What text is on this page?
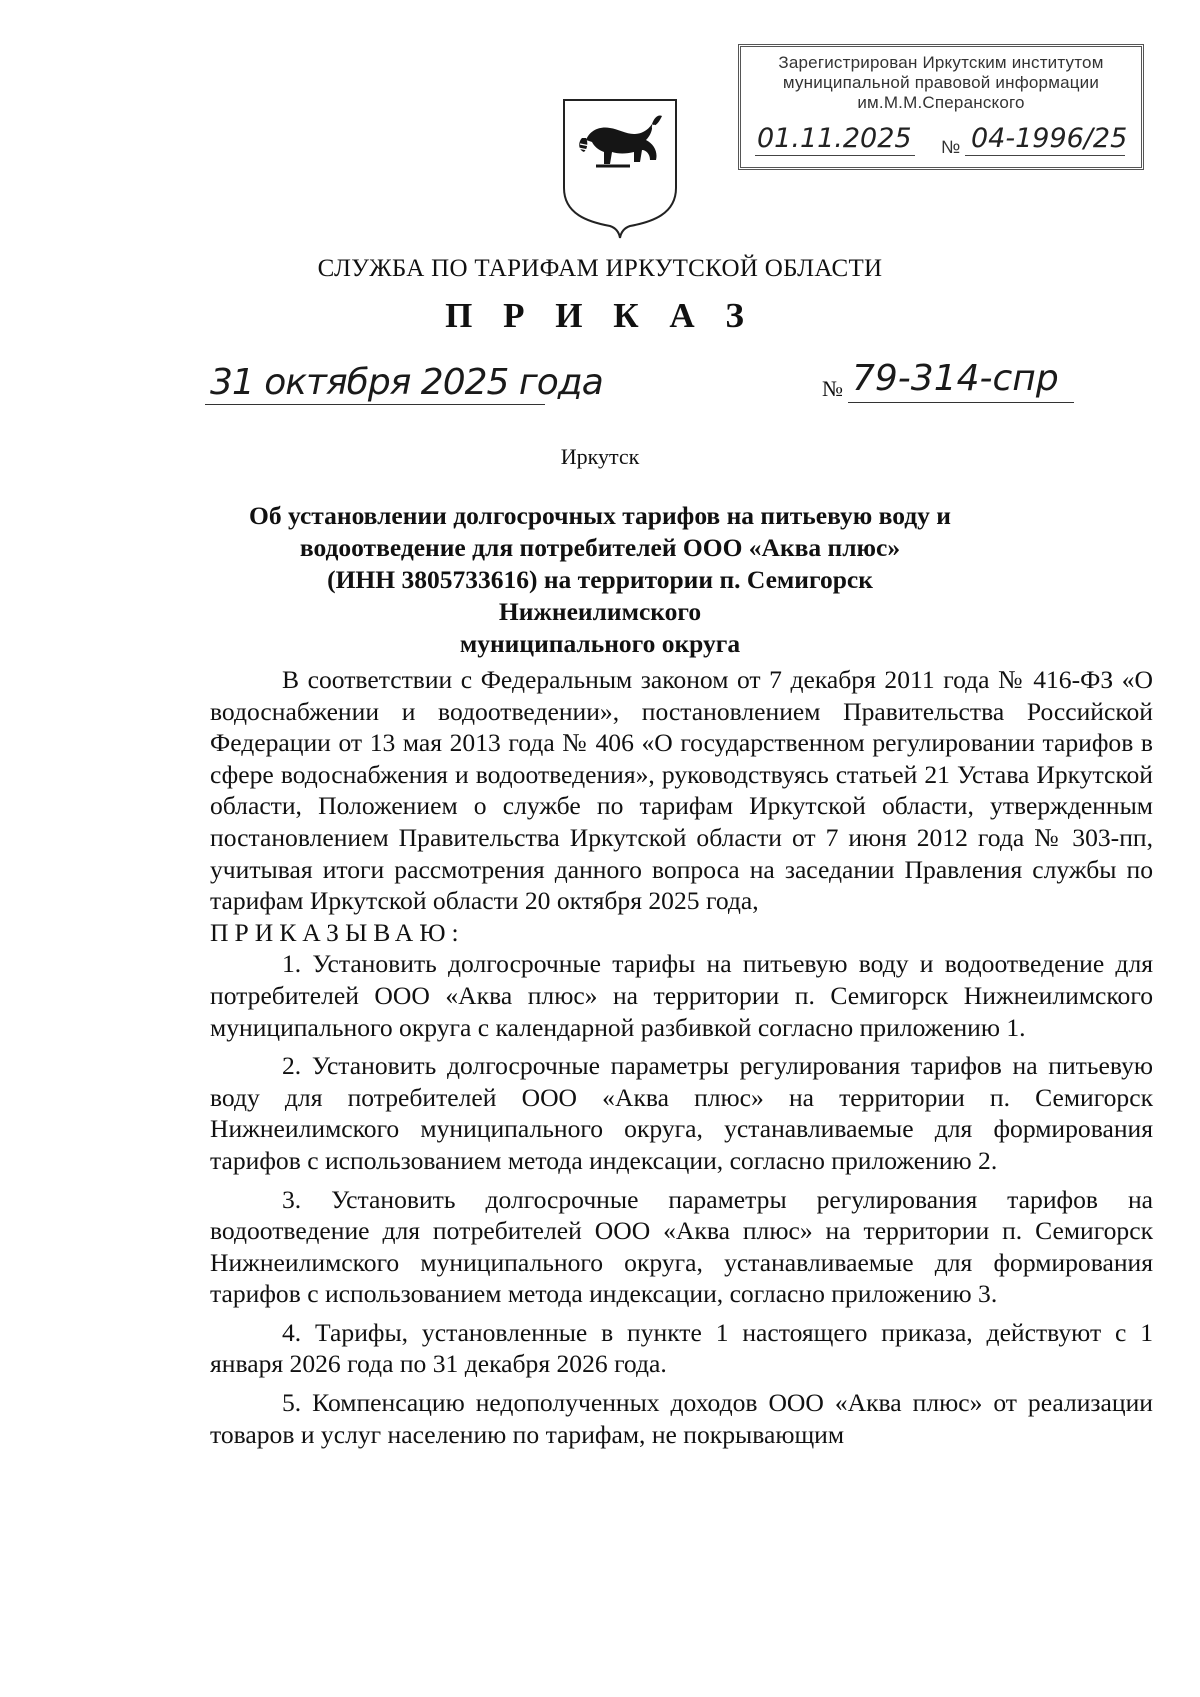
Зарегистрирован Иркутским институтом
муниципальной правовой информации
им.М.М.Сперанского
01.11.2025 № 04-1996/25
СЛУЖБА ПО ТАРИФАМ ИРКУТСКОЙ ОБЛАСТИ
П Р И К А З
31 октября 2025 года	№ 79-314-спр
Иркутск
Об установлении долгосрочных тарифов на питьевую воду и
водоотведение для потребителей ООО «Аква плюс»
(ИНН 3805733616) на территории п. Семигорск Нижнеилимского
муниципального округа

В соответствии с Федеральным законом от 7 декабря 2011 года № 416-ФЗ «О водоснабжении и водоотведении», постановлением Правительства Российской Федерации от 13 мая 2013 года № 406 «О государственном регулировании тарифов в сфере водоснабжения и водоотведения», руководствуясь статьей 21 Устава Иркутской области, Положением о службе по тарифам Иркутской области, утвержденным постановлением Правительства Иркутской области от 7 июня 2012 года № 303-пп, учитывая итоги рассмотрения данного вопроса на заседании Правления службы по тарифам Иркутской области 20 октября 2025 года,

ПРИКАЗЫВАЮ:

1. Установить долгосрочные тарифы на питьевую воду и водоотведение для потребителей ООО «Аква плюс» на территории п. Семигорск Нижнеилимского муниципального округа с календарной разбивкой согласно приложению 1.

2. Установить долгосрочные параметры регулирования тарифов на питьевую воду для потребителей ООО «Аква плюс» на территории п. Семигорск Нижнеилимского муниципального округа, устанавливаемые для формирования тарифов с использованием метода индексации, согласно приложению 2.

3. Установить долгосрочные параметры регулирования тарифов на водоотведение для потребителей ООО «Аква плюс» на территории п. Семигорск Нижнеилимского муниципального округа, устанавливаемые для формирования тарифов с использованием метода индексации, согласно приложению 3.

4. Тарифы, установленные в пункте 1 настоящего приказа, действуют с 1 января 2026 года по 31 декабря 2026 года.

5. Компенсацию недополученных доходов ООО «Аква плюс» от реализации товаров и услуг населению по тарифам, не покрывающим
